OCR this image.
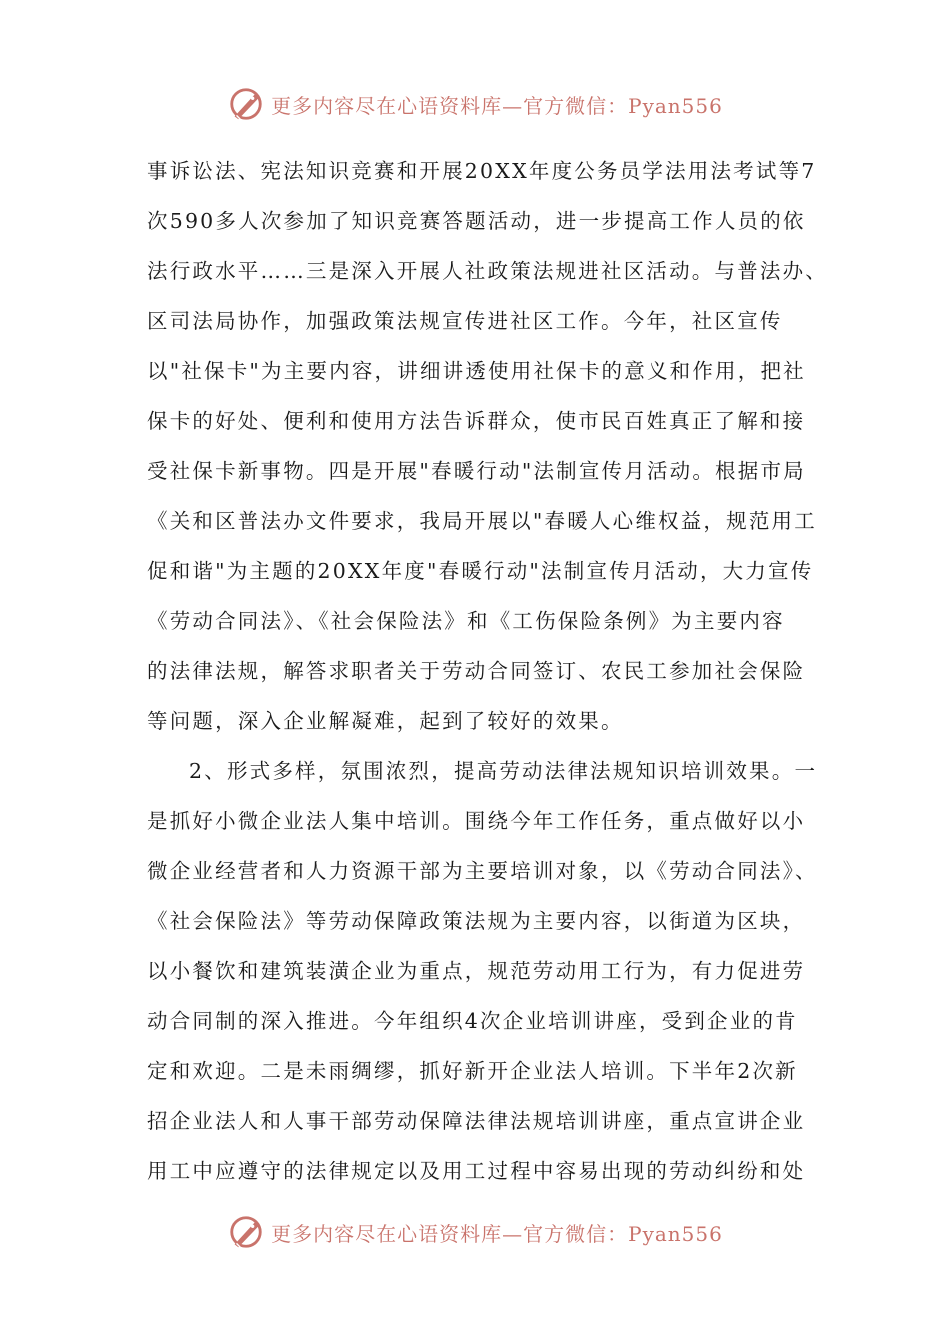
更多内容尽在心语资料库—官方微信：Pyan556
事诉讼法、宪法知识竞赛和开展20XX年度公务员学法用法考试等7
次590多人次参加了知识竞赛答题活动，进一步提高工作人员的依
法行政水平……三是深入开展人社政策法规进社区活动。与普法办、
区司法局协作，加强政策法规宣传进社区工作。今年，社区宣传
以"社保卡"为主要内容，讲细讲透使用社保卡的意义和作用，把社
保卡的好处、便利和使用方法告诉群众，使市民百姓真正了解和接
受社保卡新事物。四是开展"春暖行动"法制宣传月活动。根据市局
《关和区普法办文件要求，我局开展以"春暖人心维权益，规范用工
促和谐"为主题的20XX年度"春暖行动"法制宣传月活动，大力宣传
《劳动合同法》、《社会保险法》和《工伤保险条例》为主要内容
的法律法规，解答求职者关于劳动合同签订、农民工参加社会保险
等问题，深入企业解凝难，起到了较好的效果。
2、形式多样，氛围浓烈，提高劳动法律法规知识培训效果。一
是抓好小微企业法人集中培训。围绕今年工作任务，重点做好以小
微企业经营者和人力资源干部为主要培训对象，以《劳动合同法》、
《社会保险法》等劳动保障政策法规为主要内容，以街道为区块，
以小餐饮和建筑装潢企业为重点，规范劳动用工行为，有力促进劳
动合同制的深入推进。今年组织4次企业培训讲座，受到企业的肯
定和欢迎。二是未雨绸缪，抓好新开企业法人培训。下半年2次新
招企业法人和人事干部劳动保障法律法规培训讲座，重点宣讲企业
用工中应遵守的法律规定以及用工过程中容易出现的劳动纠纷和处
更多内容尽在心语资料库—官方微信：Pyan556
